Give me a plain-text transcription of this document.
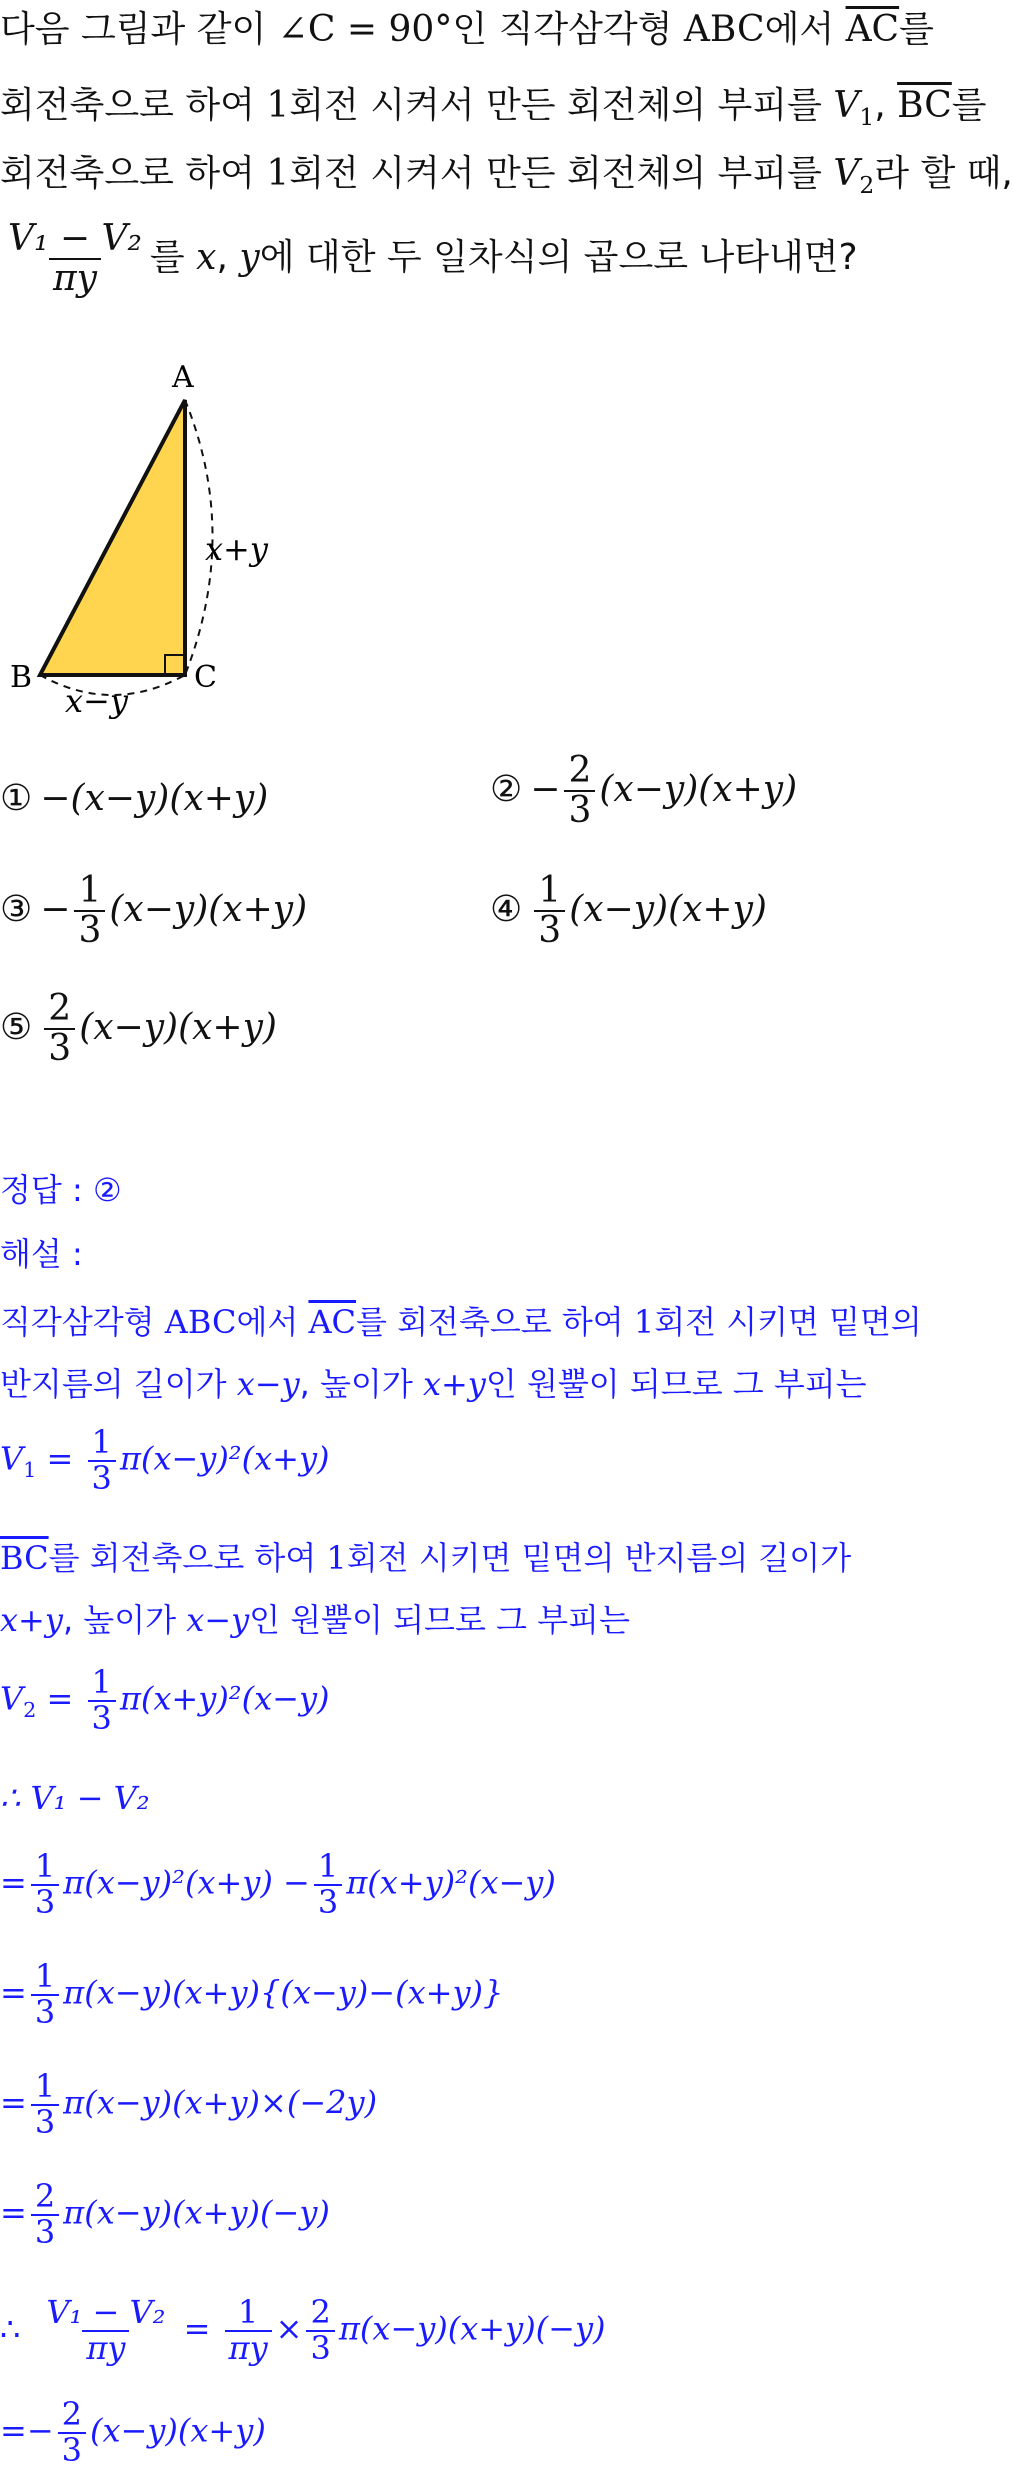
다음 그림과 같이 ∠C = 90°인 직각삼각형 ABC에서 $\overline{AC}$를
회전축으로 하여 1회전 시켜서 만든 회전체의 부피를 $V_1$, $\overline{BC}$를
회전축으로 하여 1회전 시켜서 만든 회전체의 부피를 $V_2$라 할 때,
$\frac{\text{V₁ − V₂}}{\pi y}$ 를 x, y에 대한 두 일차식의 곱으로 나타내면?
A
B	C
x+y
x−y
① −(x−y)(x+y)	② − $\frac{2}{3} (x-y)(x+y)$
③ − $\frac{1}{3} (x-y)(x+y)$	④ $\frac{1}{3} (x-y)(x+y)$
⑤ $\frac{2}{3} (x-y)(x+y)$
정답 : ②
해설 :
직각삼각형 ABC에서 $\overline{AC}$를 회전축으로 하여 1회전 시키면 밑면의
반지름의 길이가 x−y, 높이가 x+y인 원뿔이 되므로 그 부피는
$V_1 = \frac{1}{3} \pi(x-y)^2(x+y)$
$\overline{BC}$를 회전축으로 하여 1회전 시키면 밑면의 반지름의 길이가
x+y, 높이가 x−y인 원뿔이 되므로 그 부피는
$V_2 = \frac{1}{3} \pi(x+y)^2(x-y)$
∴ V₁ − V₂
= $\frac{1}{3} \pi(x-y)^2(x+y) - \frac{1}{3} \pi(x+y)^2(x-y)$
= $\frac{1}{3} \pi(x-y)(x+y)\{(x-y)-(x+y)\}$
= $\frac{1}{3} \pi(x-y)(x+y)\times(-2y)$
= $\frac{2}{3} \pi(x-y)(x+y)(-y)$
∴ $\frac{\text{V₁ − V₂}}{\pi y} = \frac{1}{\pi y} \times \frac{2}{3} \pi(x-y)(x+y)(-y)$
=− $\frac{2}{3} (x-y)(x+y)$
